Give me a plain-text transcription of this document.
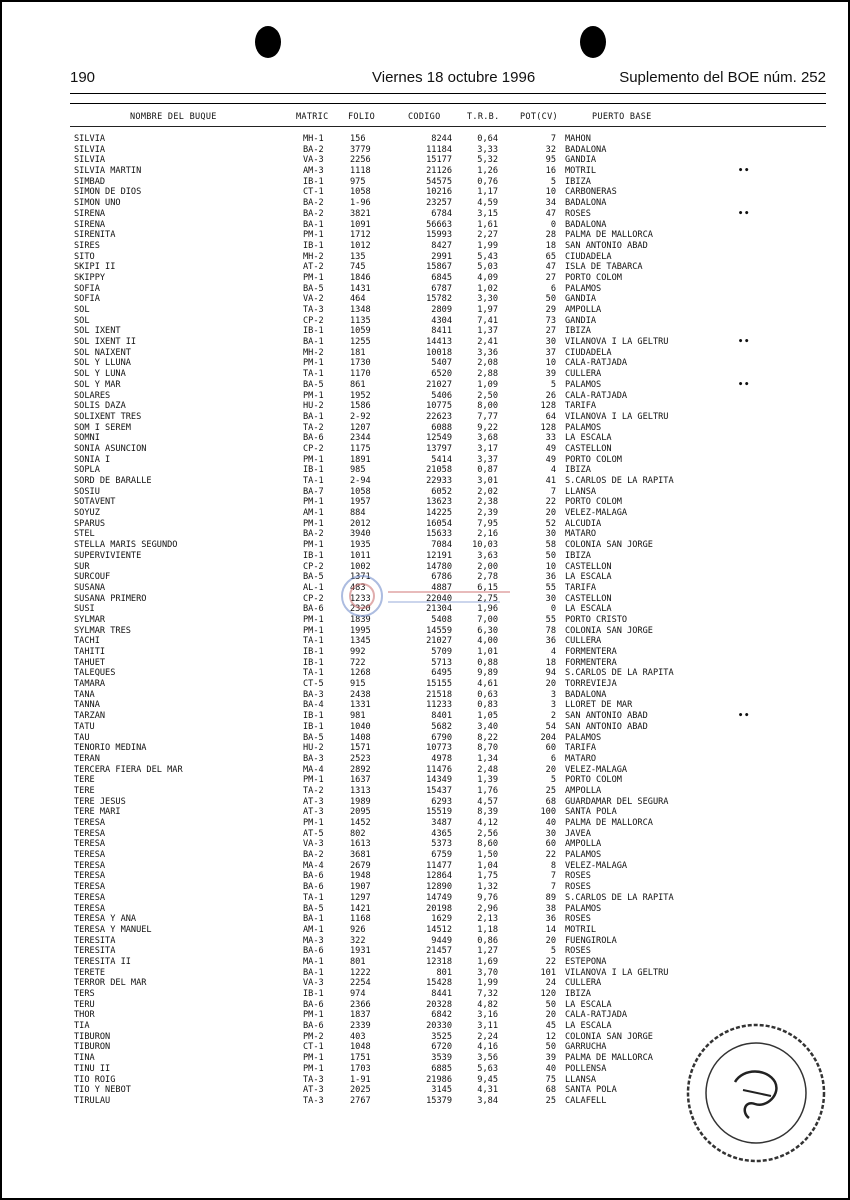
190	Viernes 18 octubre 1996	Suplemento del BOE núm. 252
NOMBRE DEL BUQUE	MATRIC FOLIO	CODIGO	T.R.B. POT(CV)	PUERTO BASE
SILVIA	MH-1	156	8244	0,64	7 MAHON
SILVIA	BA-2	3779	11184	3,33	32 BADALONA
SILVIA	VA-3	2256	15177	5,32	95 GANDIA
SILVIA MARTIN	AM-3	1118	21126	1,26	16 MOTRIL	••
SIMBAD	IB-1	975	54575	0,76	5 IBIZA
SIMON DE DIOS	CT-1	1058	10216	1,17	10 CARBONERAS
SIMON UNO	BA-2	1-96	23257	4,59	34 BADALONA
SIRENA	BA-2	3821	6784	3,15	47 ROSES	••
SIRENA	BA-1	1091	56663	1,61	0 BADALONA
SIRENITA	PM-1	1712	15993	2,27	28 PALMA DE MALLORCA
SIRES	IB-1	1012	8427	1,99	18 SAN ANTONIO ABAD
SITO	MH-2	135	2991	5,43	65 CIUDADELA
SKIPI II	AT-2	745	15867	5,03	47 ISLA DE TABARCA
SKIPPY	PM-1	1846	6845	4,09	27 PORTO COLOM
SOFIA	BA-5	1431	6787	1,02	6 PALAMOS
SOFIA	VA-2	464	15782	3,30	50 GANDIA
SOL	TA-3	1348	2809	1,97	29 AMPOLLA
SOL	CP-2	1135	4304	7,41	73 GANDIA
SOL IXENT	IB-1	1059	8411	1,37	27 IBIZA
SOL IXENT II	BA-1	1255	14413	2,41	30 VILANOVA I LA GELTRU	••
SOL NAIXENT	MH-2	181	10018	3,36	37 CIUDADELA
SOL Y LLUNA	PM-1	1730	5407	2,08	10 CALA-RATJADA
SOL Y LUNA	TA-1	1170	6520	2,88	39 CULLERA
SOL Y MAR	BA-5	861	21027	1,09	5 PALAMOS	••
SOLARES	PM-1	1952	5406	2,50	26 CALA-RATJADA
SOLIS DAZA	HU-2	1586	10775	8,00	128 TARIFA
SOLIXENT TRES	BA-1	2-92	22623	7,77	64 VILANOVA I LA GELTRU
SOM I SEREM	TA-2	1207	6088	9,22	128 PALAMOS
SOMNI	BA-6	2344	12549	3,68	33 LA ESCALA
SONIA ASUNCION	CP-2	1175	13797	3,17	49 CASTELLON
SONIA I	PM-1	1891	5414	3,37	49 PORTO COLOM
SOPLA	IB-1	985	21058	0,87	4 IBIZA
SORD DE BARALLE	TA-1	2-94	22933	3,01	41 S.CARLOS DE LA RAPITA
SOSIU	BA-7	1058	6052	2,02	7 LLANSA
SOTAVENT	PM-1	1957	13623	2,38	22 PORTO COLOM
SOYUZ	AM-1	884	14225	2,39	20 VELEZ-MALAGA
SPARUS	PM-1	2012	16054	7,95	52 ALCUDIA
STEL	BA-2	3940	15633	2,16	30 MATARO
STELLA MARIS SEGUNDO	PM-1	1935	7084	10,03	58 COLONIA SAN JORGE
SUPERVIVIENTE	IB-1	1011	12191	3,63	50 IBIZA
SUR	CP-2	1002	14780	2,00	10 CASTELLON
SURCOUF	BA-5	1371	6786	2,78	36 LA ESCALA
SUSANA	AL-1	483	4887	6,15	55 TARIFA
SUSANA PRIMERO	CP-2	1233	22040	2,75	30 CASTELLON
SUSI	BA-6	2320	21304	1,96	0 LA ESCALA
SYLMAR	PM-1	1839	5408	7,00	55 PORTO CRISTO
SYLMAR TRES	PM-1	1995	14559	6,30	78 COLONIA SAN JORGE
TACHI	TA-1	1345	21027	4,00	36 CULLERA
TAHITI	IB-1	992	5709	1,01	4 FORMENTERA
TAHUET	IB-1	722	5713	0,88	18 FORMENTERA
TALEQUES	TA-1	1268	6495	9,89	94 S.CARLOS DE LA RAPITA
TAMARA	CT-5	915	15155	4,61	20 TORREVIEJA
TANA	BA-3	2438	21518	0,63	3 BADALONA
TANNA	BA-4	1331	11233	0,83	3 LLORET DE MAR
TARZAN	IB-1	981	8401	1,05	2 SAN ANTONIO ABAD	••
TATU	IB-1	1040	5682	3,40	54 SAN ANTONIO ABAD
TAU	BA-5	1408	6790	8,22	204 PALAMOS
TENORIO MEDINA	HU-2	1571	10773	8,70	60 TARIFA
TERAN	BA-3	2523	4978	1,34	6 MATARO
TERCERA FIERA DEL MAR	MA-4	2892	11476	2,48	20 VELEZ-MALAGA
TERE	PM-1	1637	14349	1,39	5 PORTO COLOM
TERE	TA-2	1313	15437	1,76	25 AMPOLLA
TERE JESUS	AT-3	1989	6293	4,57	68 GUARDAMAR DEL SEGURA
TERE MARI	AT-3	2095	15519	8,39	100 SANTA POLA
TERESA	PM-1	1452	3487	4,12	40 PALMA DE MALLORCA
TERESA	AT-5	802	4365	2,56	30 JAVEA
TERESA	VA-3	1613	5373	8,60	60 AMPOLLA
TERESA	BA-2	3681	6759	1,50	22 PALAMOS
TERESA	MA-4	2679	11477	1,04	8 VELEZ-MALAGA
TERESA	BA-6	1948	12864	1,75	7 ROSES
TERESA	BA-6	1907	12890	1,32	7 ROSES
TERESA	TA-1	1297	14749	9,76	89 S.CARLOS DE LA RAPITA
TERESA	BA-5	1421	20198	2,96	38 PALAMOS
TERESA Y ANA	BA-1	1168	1629	2,13	36 ROSES
TERESA Y MANUEL	AM-1	926	14512	1,18	14 MOTRIL
TERESITA	MA-3	322	9449	0,86	20 FUENGIROLA
TERESITA	BA-6	1931	21457	1,27	5 ROSES
TERESITA II	MA-1	801	12318	1,69	22 ESTEPONA
TERETE	BA-1	1222	801	3,70	101 VILANOVA I LA GELTRU
TERROR DEL MAR	VA-3	2254	15428	1,99	24 CULLERA
TERS	IB-1	974	8441	7,32	120 IBIZA
TERU	BA-6	2366	20328	4,82	50 LA ESCALA
THOR	PM-1	1837	6842	3,16	20 CALA-RATJADA
TIA	BA-6	2339	20330	3,11	45 LA ESCALA
TIBURON	PM-2	403	3525	2,24	12 COLONIA SAN JORGE
TIBURON	CT-1	1048	6720	4,16	50 GARRUCHA
TINA	PM-1	1751	3539	3,56	39 PALMA DE MALLORCA
TINU II	PM-1	1703	6885	5,63	40 POLLENSA
TIO ROIG	TA-3	1-91	21986	9,45	75 LLANSA
TIO Y NEBOT	AT-3	2025	3145	4,31	68 SANTA POLA
TIRULAU	TA-3	2767	15379	3,84	25 CALAFELL
